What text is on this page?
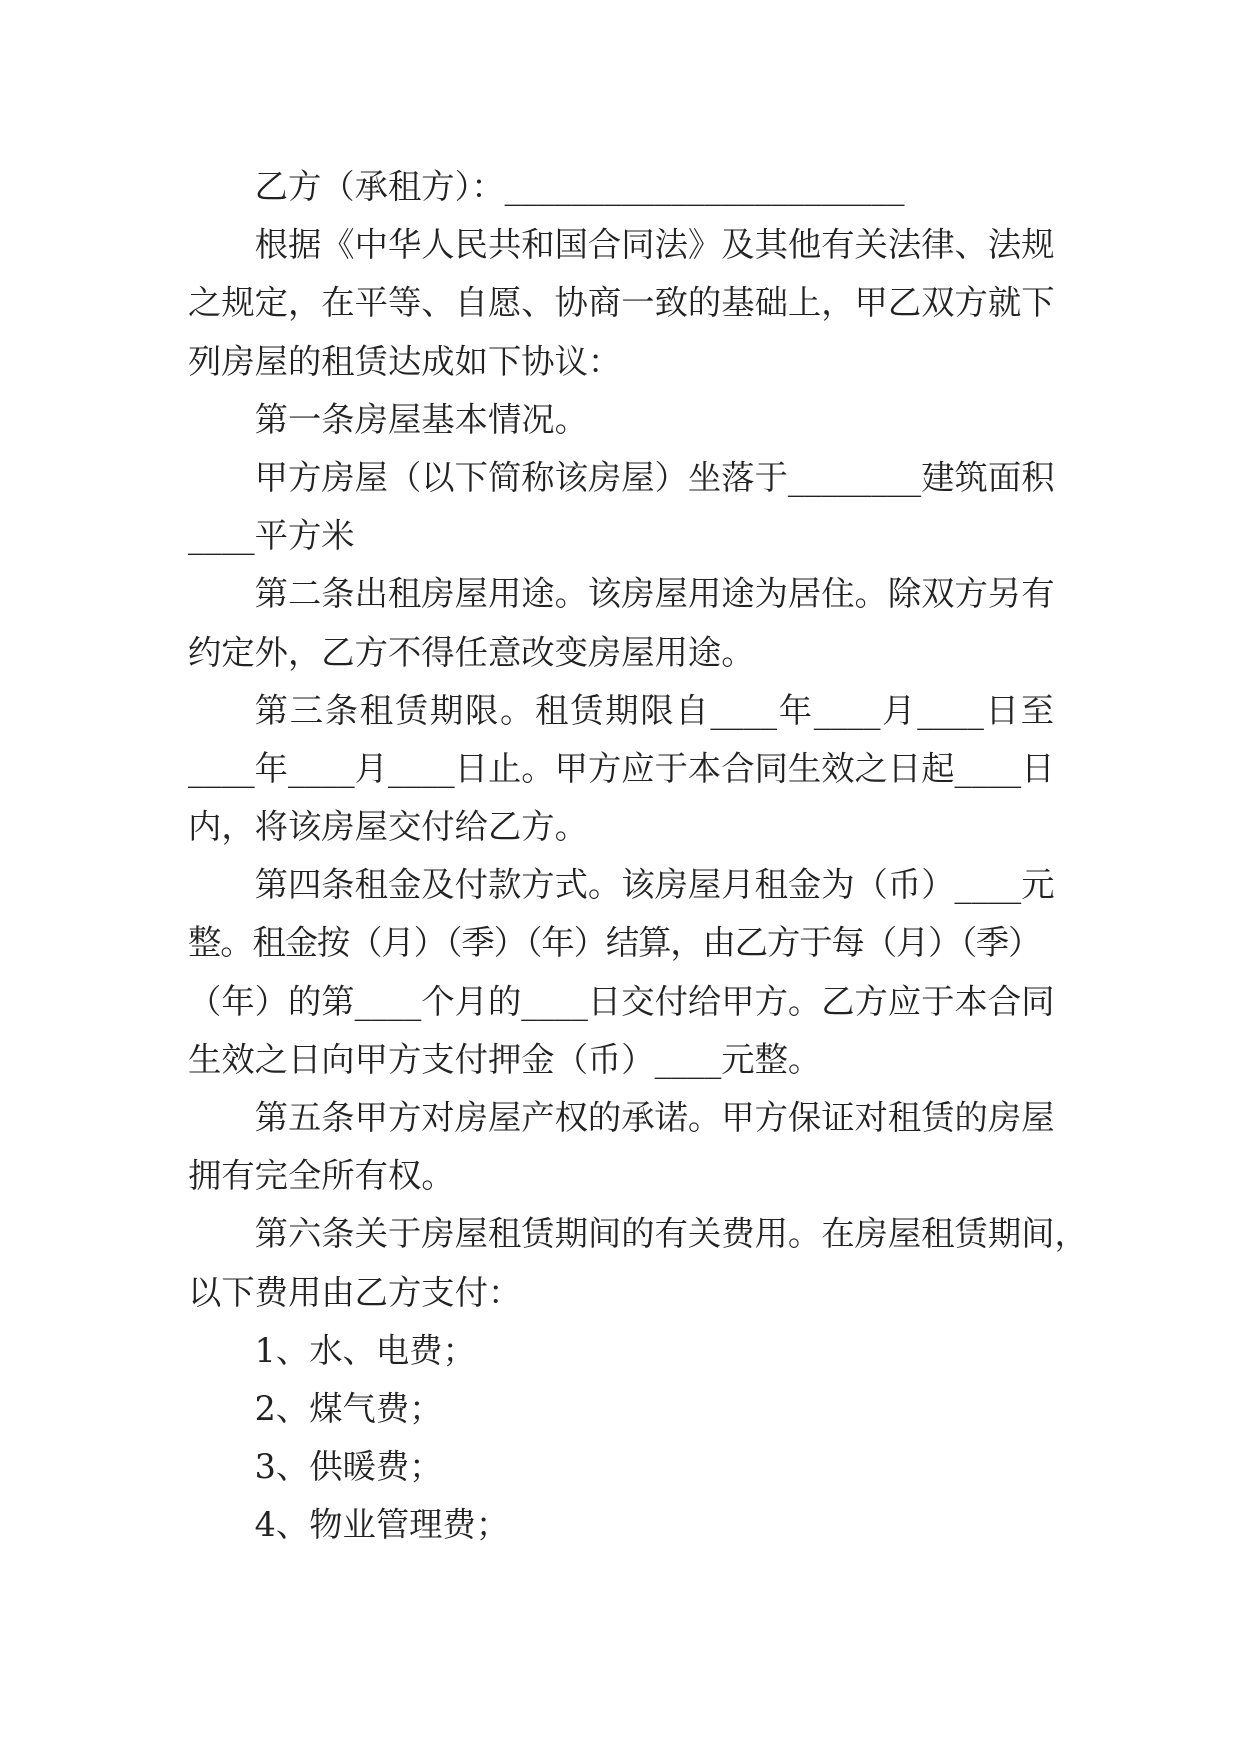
乙方（承租方）：________________________
根据《中华人民共和国合同法》及其他有关法律、法规
之规定，在平等、自愿、协商一致的基础上，甲乙双方就下
列房屋的租赁达成如下协议：
第一条房屋基本情况。
甲方房屋（以下简称该房屋）坐落于________建筑面积
____平方米
第二条出租房屋用途。该房屋用途为居住。除双方另有
约定外，乙方不得任意改变房屋用途。
第三条租赁期限。租赁期限自____年____月____日至
____年____月____日止。甲方应于本合同生效之日起____日
内，将该房屋交付给乙方。
第四条租金及付款方式。该房屋月租金为（币）____元
整。租金按（月）（季）（年）结算，由乙方于每（月）（季）
（年）的第____个月的____日交付给甲方。乙方应于本合同
生效之日向甲方支付押金（币）____元整。
第五条甲方对房屋产权的承诺。甲方保证对租赁的房屋
拥有完全所有权。
第六条关于房屋租赁期间的有关费用。在房屋租赁期间，
以下费用由乙方支付：
1、水、电费；
2、煤气费；
3、供暖费；
4、物业管理费；
